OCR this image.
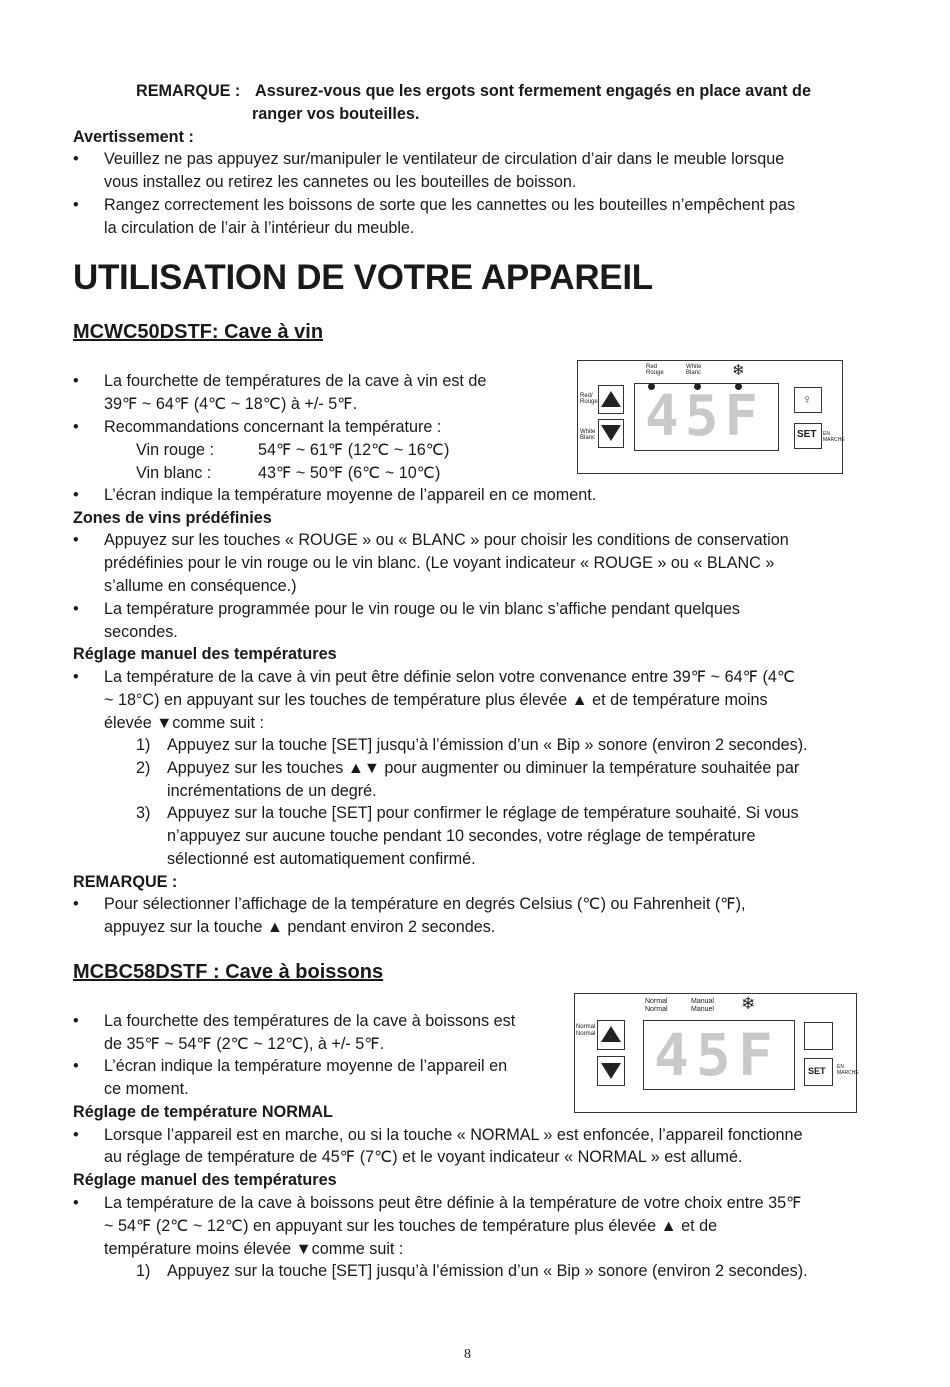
REMARQUE : Assurez-vous que les ergots sont fermement engagés en place avant de
ranger vos bouteilles.
Avertissement :
•	Veuillez ne pas appuyez sur/manipuler le ventilateur de circulation d’air dans le meuble lorsque
vous installez ou retirez les cannetes ou les bouteilles de boisson.
•	Rangez correctement les boissons de sorte que les cannettes ou les bouteilles n’empêchent pas
la circulation de l’air à l’intérieur du meuble.
UTILISATION DE VOTRE APPAREIL
MCWC50DSTF: Cave à vin
•	La fourchette de températures de la cave à vin est de
39℉ ~ 64℉ (4℃ ~ 18℃) à +/- 5℉.
•	Recommandations concernant la température :
Vin rouge :	54℉ ~ 61℉ (12℃ ~ 16℃)
Vin blanc :	43℉ ~ 50℉ (6℃ ~ 10℃)
•	L’écran indique la température moyenne de l’appareil en ce moment.
Red
Rouge
White
Blanc ❄
Red/
Rouge
White
Blanc 45F	♀
SET EN
MARCHE
Zones de vins prédéfinies
•	Appuyez sur les touches « ROUGE » ou « BLANC » pour choisir les conditions de conservation
prédéfinies pour le vin rouge ou le vin blanc. (Le voyant indicateur « ROUGE » ou « BLANC »
s’allume en conséquence.)
•	La température programmée pour le vin rouge ou le vin blanc s’affiche pendant quelques
secondes.
Réglage manuel des températures
•	La température de la cave à vin peut être définie selon votre convenance entre 39℉ ~ 64℉ (4℃
~ 18°C) en appuyant sur les touches de température plus élevée ▲ et de température moins
élevée ▼comme suit :
1) Appuyez sur la touche [SET] jusqu’à l’émission d’un « Bip » sonore (environ 2 secondes).
2) Appuyez sur les touches ▲▼ pour augmenter ou diminuer la température souhaitée par
incrémentations de un degré.
3) Appuyez sur la touche [SET] pour confirmer le réglage de température souhaité. Si vous
n’appuyez sur aucune touche pendant 10 secondes, votre réglage de température
sélectionné est automatiquement confirmé.
REMARQUE :
•	Pour sélectionner l’affichage de la température en degrés Celsius (℃) ou Fahrenheit (℉),
appuyez sur la touche ▲ pendant environ 2 secondes.
MCBC58DSTF : Cave à boissons
•	La fourchette des températures de la cave à boissons est
de 35℉ ~ 54℉ (2℃ ~ 12℃), à +/- 5℉.
•	L’écran indique la température moyenne de l’appareil en
ce moment.
Normal
Normal
Manual
Manuel ❄
Normal
Normal 45F	SET EN
MARCHE
Réglage de température NORMAL
•	Lorsque l’appareil est en marche, ou si la touche « NORMAL » est enfoncée, l’appareil fonctionne
au réglage de température de 45℉ (7℃) et le voyant indicateur « NORMAL » est allumé.
Réglage manuel des températures
•	La température de la cave à boissons peut être définie à la température de votre choix entre 35℉
~ 54℉ (2℃ ~ 12℃) en appuyant sur les touches de température plus élevée ▲ et de
température moins élevée ▼comme suit :
1) Appuyez sur la touche [SET] jusqu’à l’émission d’un « Bip » sonore (environ 2 secondes).
8
